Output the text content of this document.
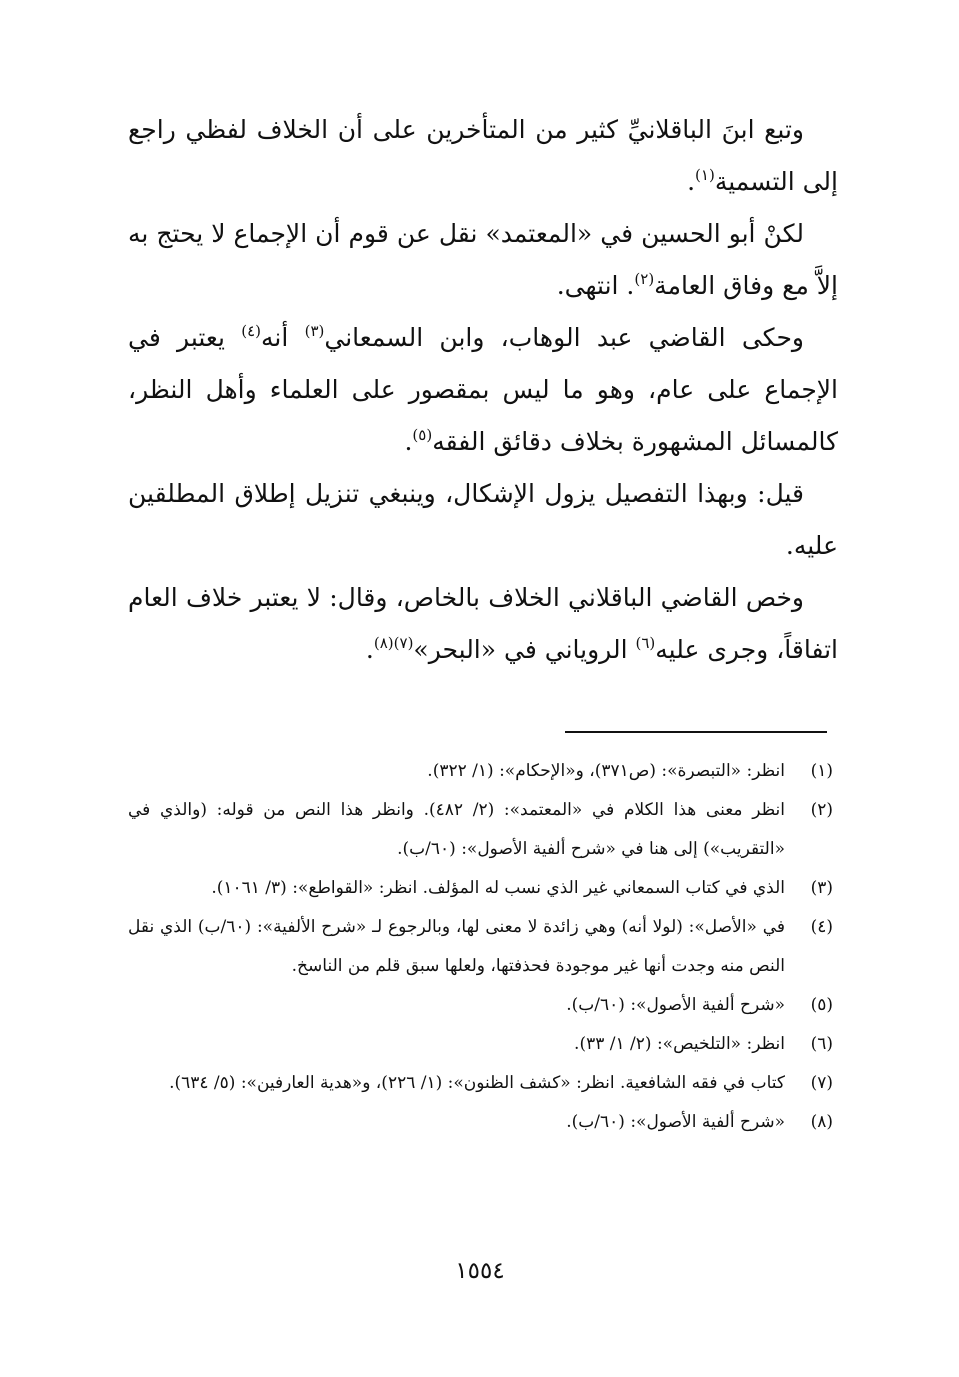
وتبع ابنَ الباقلانيِّ كثير من المتأخرين على أن الخلاف لفظي راجع إلى التسمية$^{(١)}$.

لكنْ أبو الحسين في «المعتمد» نقل عن قوم أن الإجماع لا يحتج به إلاَّ مع وفاق العامة$^{(٢)}$. انتهى.

وحكى القاضي عبد الوهاب، وابن السمعاني$^{(٣)}$ أنه$^{(٤)}$ يعتبر في الإجماع على عام، وهو ما ليس بمقصور على العلماء وأهل النظر، كالمسائل المشهورة بخلاف دقائق الفقه$^{(٥)}$.

قيل: وبهذا التفصيل يزول الإشكال، وينبغي تنزيل إطلاق المطلقين عليه.

وخص القاضي الباقلاني الخلاف بالخاص، وقال: لا يعتبر خلاف العام اتفاقاً، وجرى عليه$^{(٦)}$ الروياني في «البحر»$^{(٧)(٨)}$.

(١)
انظر: «التبصرة»: (ص٣٧١)، و«الإحكام»: (١/ ٣٢٢).
(٢)
انظر معنى هذا الكلام في «المعتمد»: (٢/ ٤٨٢). وانظر هذا النص من قوله: (والذي في «التقريب») إلى هنا في «شرح ألفية الأصول»: (٦٠/ب).
(٣)
الذي في كتاب السمعاني غير الذي نسب له المؤلف. انظر: «القواطع»: (٣/ ١٠٦١).
(٤)
في «الأصل»: (لولا أنه) وهي زائدة لا معنى لها، وبالرجوع لـ «شرح الألفية»: (٦٠/ب) الذي نقل النص منه وجدت أنها غير موجودة فحذفتها، ولعلها سبق قلم من الناسخ.
(٥)
«شرح ألفية الأصول»: (٦٠/ب).
(٦)
انظر: «التلخيص»: (٢/ ١/ ٣٣).
(٧)
كتاب في فقه الشافعية. انظر: «كشف الظنون»: (١/ ٢٢٦)، و«هدية العارفين»: (٥/ ٦٣٤).
(٨)
«شرح ألفية الأصول»: (٦٠/ب).
١٥٥٤
